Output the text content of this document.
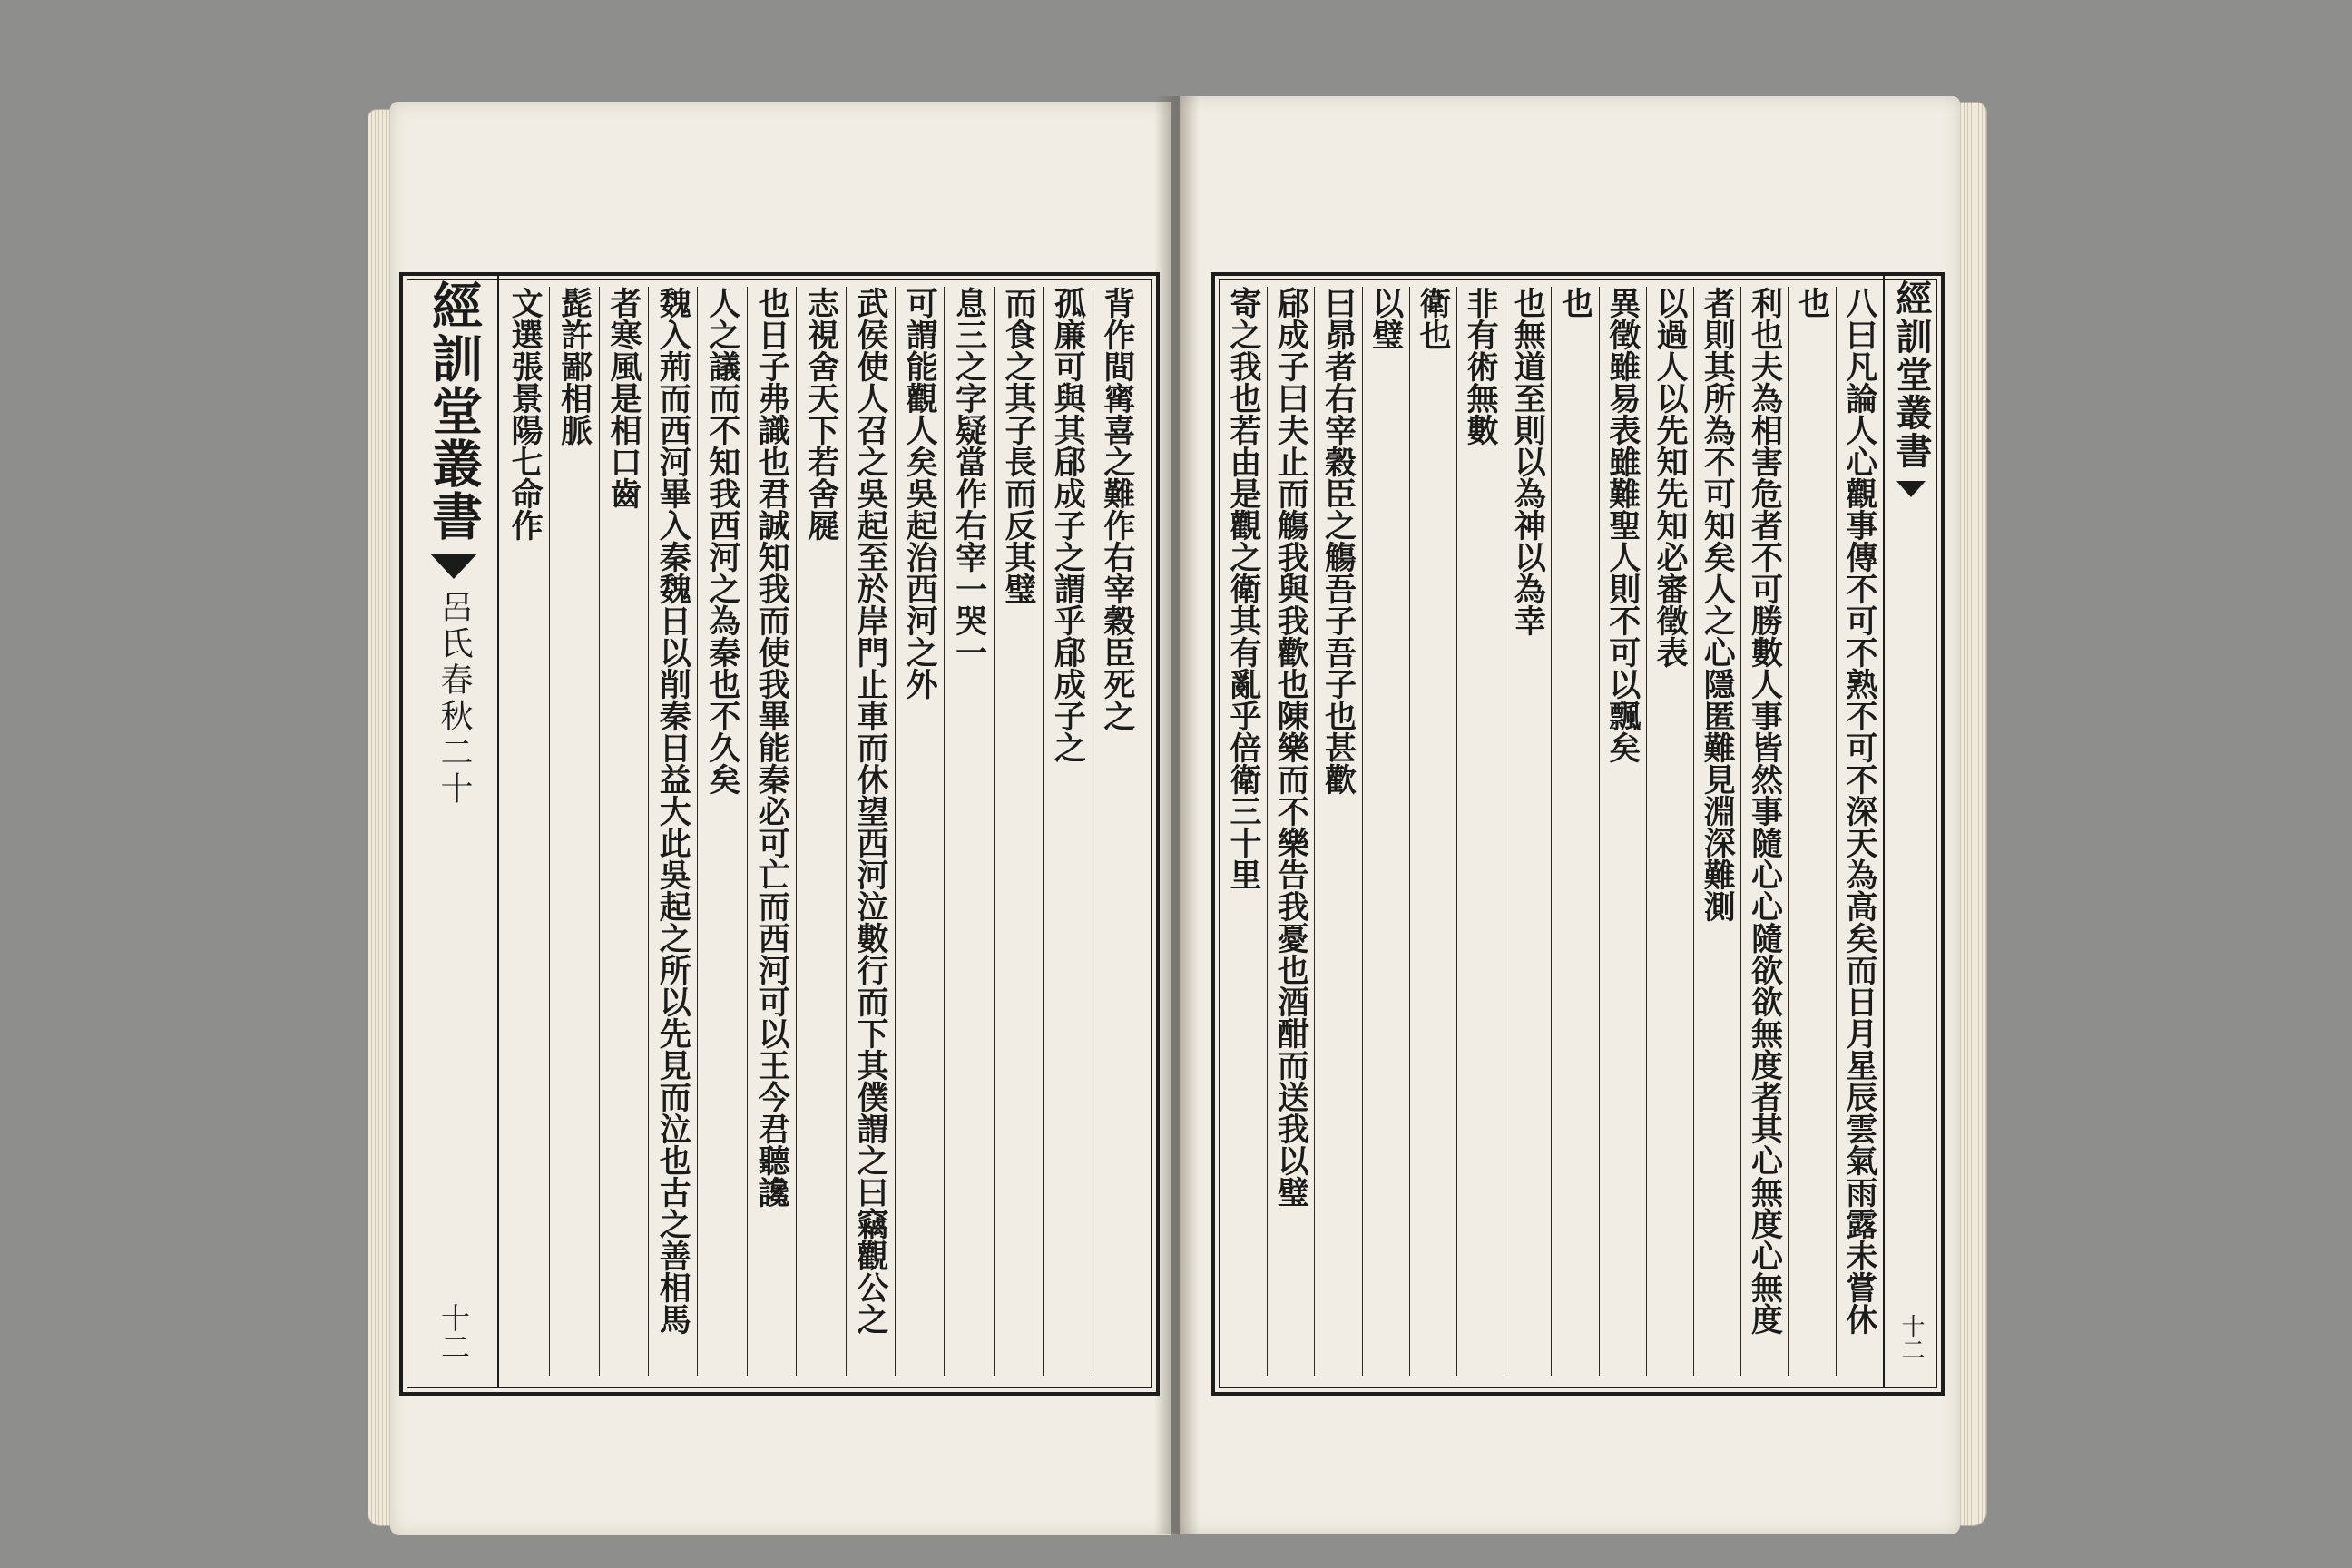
經訓堂叢書
呂氏春秋二十
十二
經訓堂叢書
十二
背作間寗喜之難作右宰穀臣死之
孤廉可與其郈成子之謂乎郈成子之
而食之其子長而反其璧
息三之字疑當作右宰一哭一
可謂能觀人矣吳起治西河之外
武侯使人召之吳起至於岸門止車而休望西河泣數行而下其僕謂之曰竊觀公之
志視舍天下若舍屣
也日子弗識也君誠知我而使我畢能秦必可亡而西河可以王今君聽讒
人之議而不知我西河之為秦也不久矣
魏入荊而西河畢入秦魏日以削秦日益大此吳起之所以先見而泣也古之善相馬
者寒風是相口齒
髭許鄙相脈
文選張景陽七命作	八曰凡論人心觀事傳不可不熟不可不深天為高矣而日月星辰雲氣雨露未嘗休
也
利也夫為相害危者不可勝數人事皆然事隨心心隨欲欲無度者其心無度心無度
者則其所為不可知矣人之心隱匿難見淵深難測
以過人以先知先知必審徵表
異徵雖易表雖難聖人則不可以飄矣
也
也無道至則以為神以為幸
非有術無數
衛也
以璧
曰昴者右宰穀臣之觴吾子吾子也甚歡
郈成子曰夫止而觴我與我歡也陳樂而不樂告我憂也酒酣而送我以璧
寄之我也若由是觀之衛其有亂乎倍衛三十里
